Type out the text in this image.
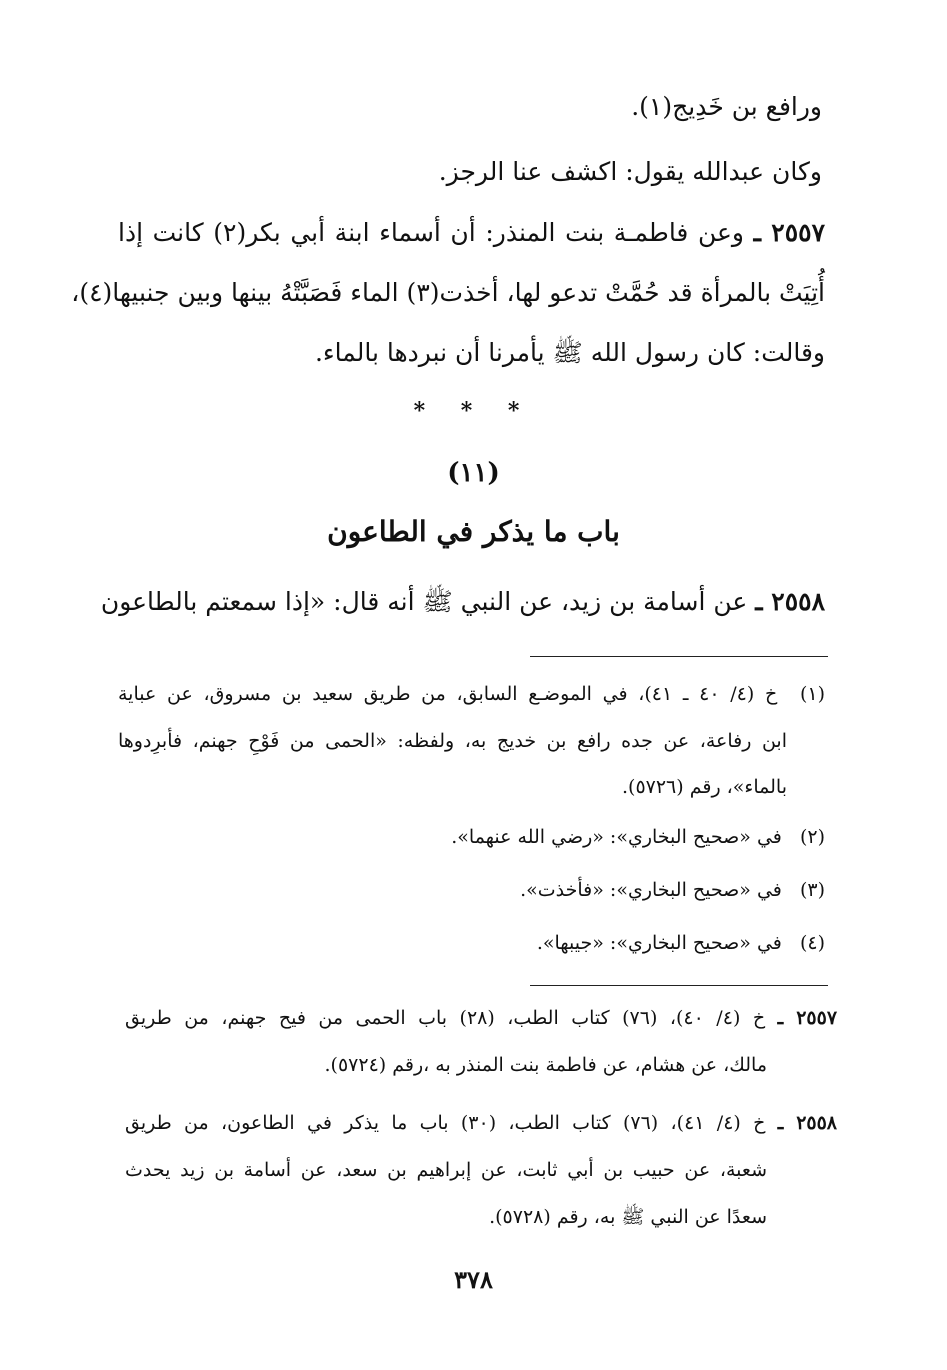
ورافع بن خَدِيج(١).
وكان عبدالله يقول: اكشف عنا الرجز.
٢٥٥٧ ـ وعن فاطمـة بنت المنذر: أن أسماء ابنة أبي بكر(٢) كانت إذا
أُتِيَتْ بالمرأة قد حُمَّتْ تدعو لها، أخذت(٣) الماء فَصَبَّتْهُ بينها وبين جنبيها(٤)،
وقالت: كان رسول الله ﷺ يأمرنا أن نبردها بالماء.
* * *
(١١)
باب ما يذكر في الطاعون
٢٥٥٨ ـ عن أسامة بن زيد، عن النبي ﷺ أنه قال: «إذا سمعتم بالطاعون
(١) خ (٤/ ٤٠ ـ ٤١)، في الموضـع السابق، من طريق سعيد بن مسروق، عن عباية
ابن رفاعة، عن جده رافع بن خديج به، ولفظه: «الحمى من فَوْحِ جهنم، فأبرِدوها
بالماء»، رقم (٥٧٢٦).
(٢) في «صحيح البخاري»: «رضي الله عنهما».
(٣) في «صحيح البخاري»: «فأخذت».
(٤) في «صحيح البخاري»: «جيبها».
٢٥٥٧ ـ خ (٤/ ٤٠)، (٧٦) كتاب الطب، (٢٨) باب الحمى من فيح جهنم، من طريق
مالك، عن هشام، عن فاطمة بنت المنذر به ،رقم (٥٧٢٤).
٢٥٥٨ ـ خ (٤/ ٤١)، (٧٦) كتاب الطب، (٣٠) باب ما يذكر في الطاعون، من طريق
شعبة، عن حبيب بن أبي ثابت، عن إبراهيم بن سعد، عن أسامة بن زيد يحدث
سعدًا عن النبي ﷺ به، رقم (٥٧٢٨).
٣٧٨
